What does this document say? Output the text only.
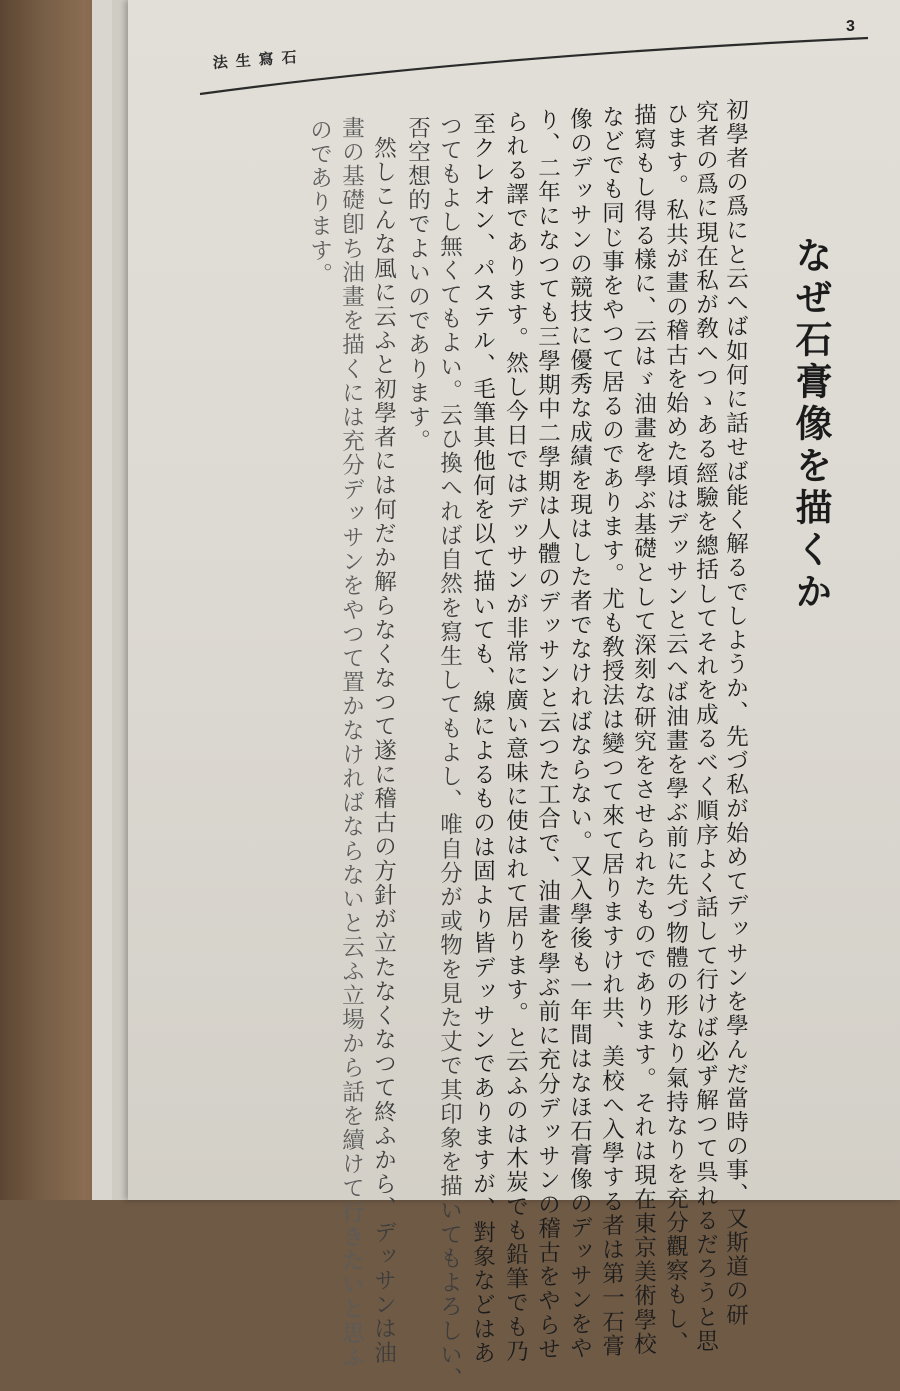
3
法生寫石
なぜ石膏像を描くか
初學者の爲にと云へば如何に話せば能く解るでしようか、先づ私が始めてデッサンを學んだ當時の事、又斯道の研
究者の爲に現在私が敎へつゝある經驗を總括してそれを成るべく順序よく話して行けば必ず解つて呉れるだろうと思
ひます。私共が畫の稽古を始めた頃はデッサンと云へば油畫を學ぶ前に先づ物體の形なり氣持なりを充分觀察もし、
描寫もし得る樣に、云はゞ油畫を學ぶ基礎として深刻な研究をさせられたものであります。それは現在東京美術學校
などでも同じ事をやつて居るのであります。尤も敎授法は變つて來て居りますけれ共、美校へ入學する者は第一石膏
像のデッサンの競技に優秀な成績を現はした者でなければならない。又入學後も一年間はなほ石膏像のデッサンをや
り、二年になつても三學期中二學期は人體のデッサンと云つた工合で、油畫を學ぶ前に充分デッサンの稽古をやらせ
られる譯であります。然し今日ではデッサンが非常に廣い意味に使はれて居ります。と云ふのは木炭でも鉛筆でも乃
至クレオン、パステル、毛筆其他何を以て描いても、線によるものは固より皆デッサンでありますが、對象などはあ
つてもよし無くてもよい。云ひ換へれば自然を寫生してもよし、唯自分が或物を見た丈で其印象を描いてもよろしい、
否空想的でよいのであります。
然しこんな風に云ふと初學者には何だか解らなくなつて遂に稽古の方針が立たなくなつて終ふから、デッサンは油
畫の基礎卽ち油畫を描くには充分デッサンをやつて置かなければならないと云ふ立場から話を續けて行きたいと思ふ
のであります。
